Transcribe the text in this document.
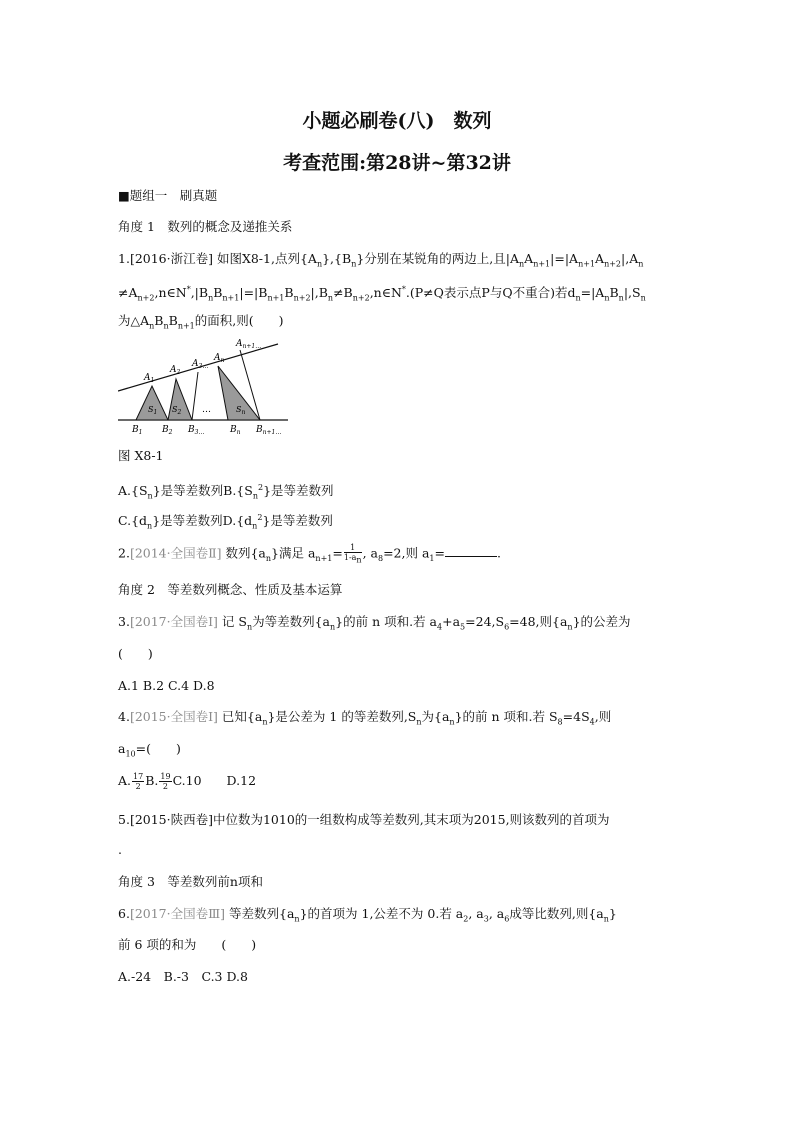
小题必刷卷(八)　数列
考查范围:第28讲~第32讲
■题组一　刷真题
角度 1　数列的概念及递推关系
1.[2016·浙江卷] 如图X8-1,点列$\{A_n\},\{B_n\}$分别在某锐角的两边上,且$|A_nA_{n+1}|=|A_{n+1}A_{n+2}|,A_n$
$\ne A_{n+2},n\in N^*,|B_nB_{n+1}|=|B_{n+1}B_{n+2}|,B_n\ne B_{n+2},n\in N^*.(P\ne Q$表示点P与Q不重合)若$d_n=|A_nB_n|,S_n$
为$\triangle A_nB_nB_{n+1}$的面积,则(　　)
$A_1$
$A_2$
$A_{3\dots}$
$A_n$
$A_{n+1\dots}$
$B_1$ $B_2$ $B_{3\dots}$	$B_n$ $B_{n+1\dots}$
$S_1$ $S_2$	$S_n$
…
图 X8-1
$A.\{S_n\}$是等差数列$B.\{S_n^2\}$是等差数列
$C.\{d_n\}$是等差数列$D.\{d_n^2\}$是等差数列
2.[2014·全国卷Ⅱ] 数列$\{a_n\}$满足 $a_{n+1}= \frac{1}{1-a_n}$ , $a_8=2$,则 $a_1=$	.
角度 2　等差数列概念、性质及基本运算
3.[2017·全国卷Ⅰ] 记 $S_n$为等差数列$\{a_n\}$的前 n 项和.若 $a_4+a_5=24,S_6=48$,则$\{a_n\}$的公差为
(　　)
A.1 B.2 C.4 D.8
4.[2015·全国卷Ⅰ] 已知$\{a_n\}$是公差为 1 的等差数列$,S_n$为$\{a_n\}$的前 n 项和.若 $S_8=4S_4$,则
$a_{10}=$(　　)
A. $\frac{17}{2} B$. $\frac{19}{2} C.10$　　D.12
5.[2015·陕西卷]中位数为1010的一组数构成等差数列,其末项为2015,则该数列的首项为
.
角度 3　等差数列前n项和
6.[2017·全国卷Ⅲ] 等差数列$\{a_n\}$的首项为 1,公差不为 0.若 $a_2$, $a_3$, $a_6$成等比数列,则$\{a_n\}$
前 6 项的和为　　(　　)
A.-24　B.-3　C.3 D.8
